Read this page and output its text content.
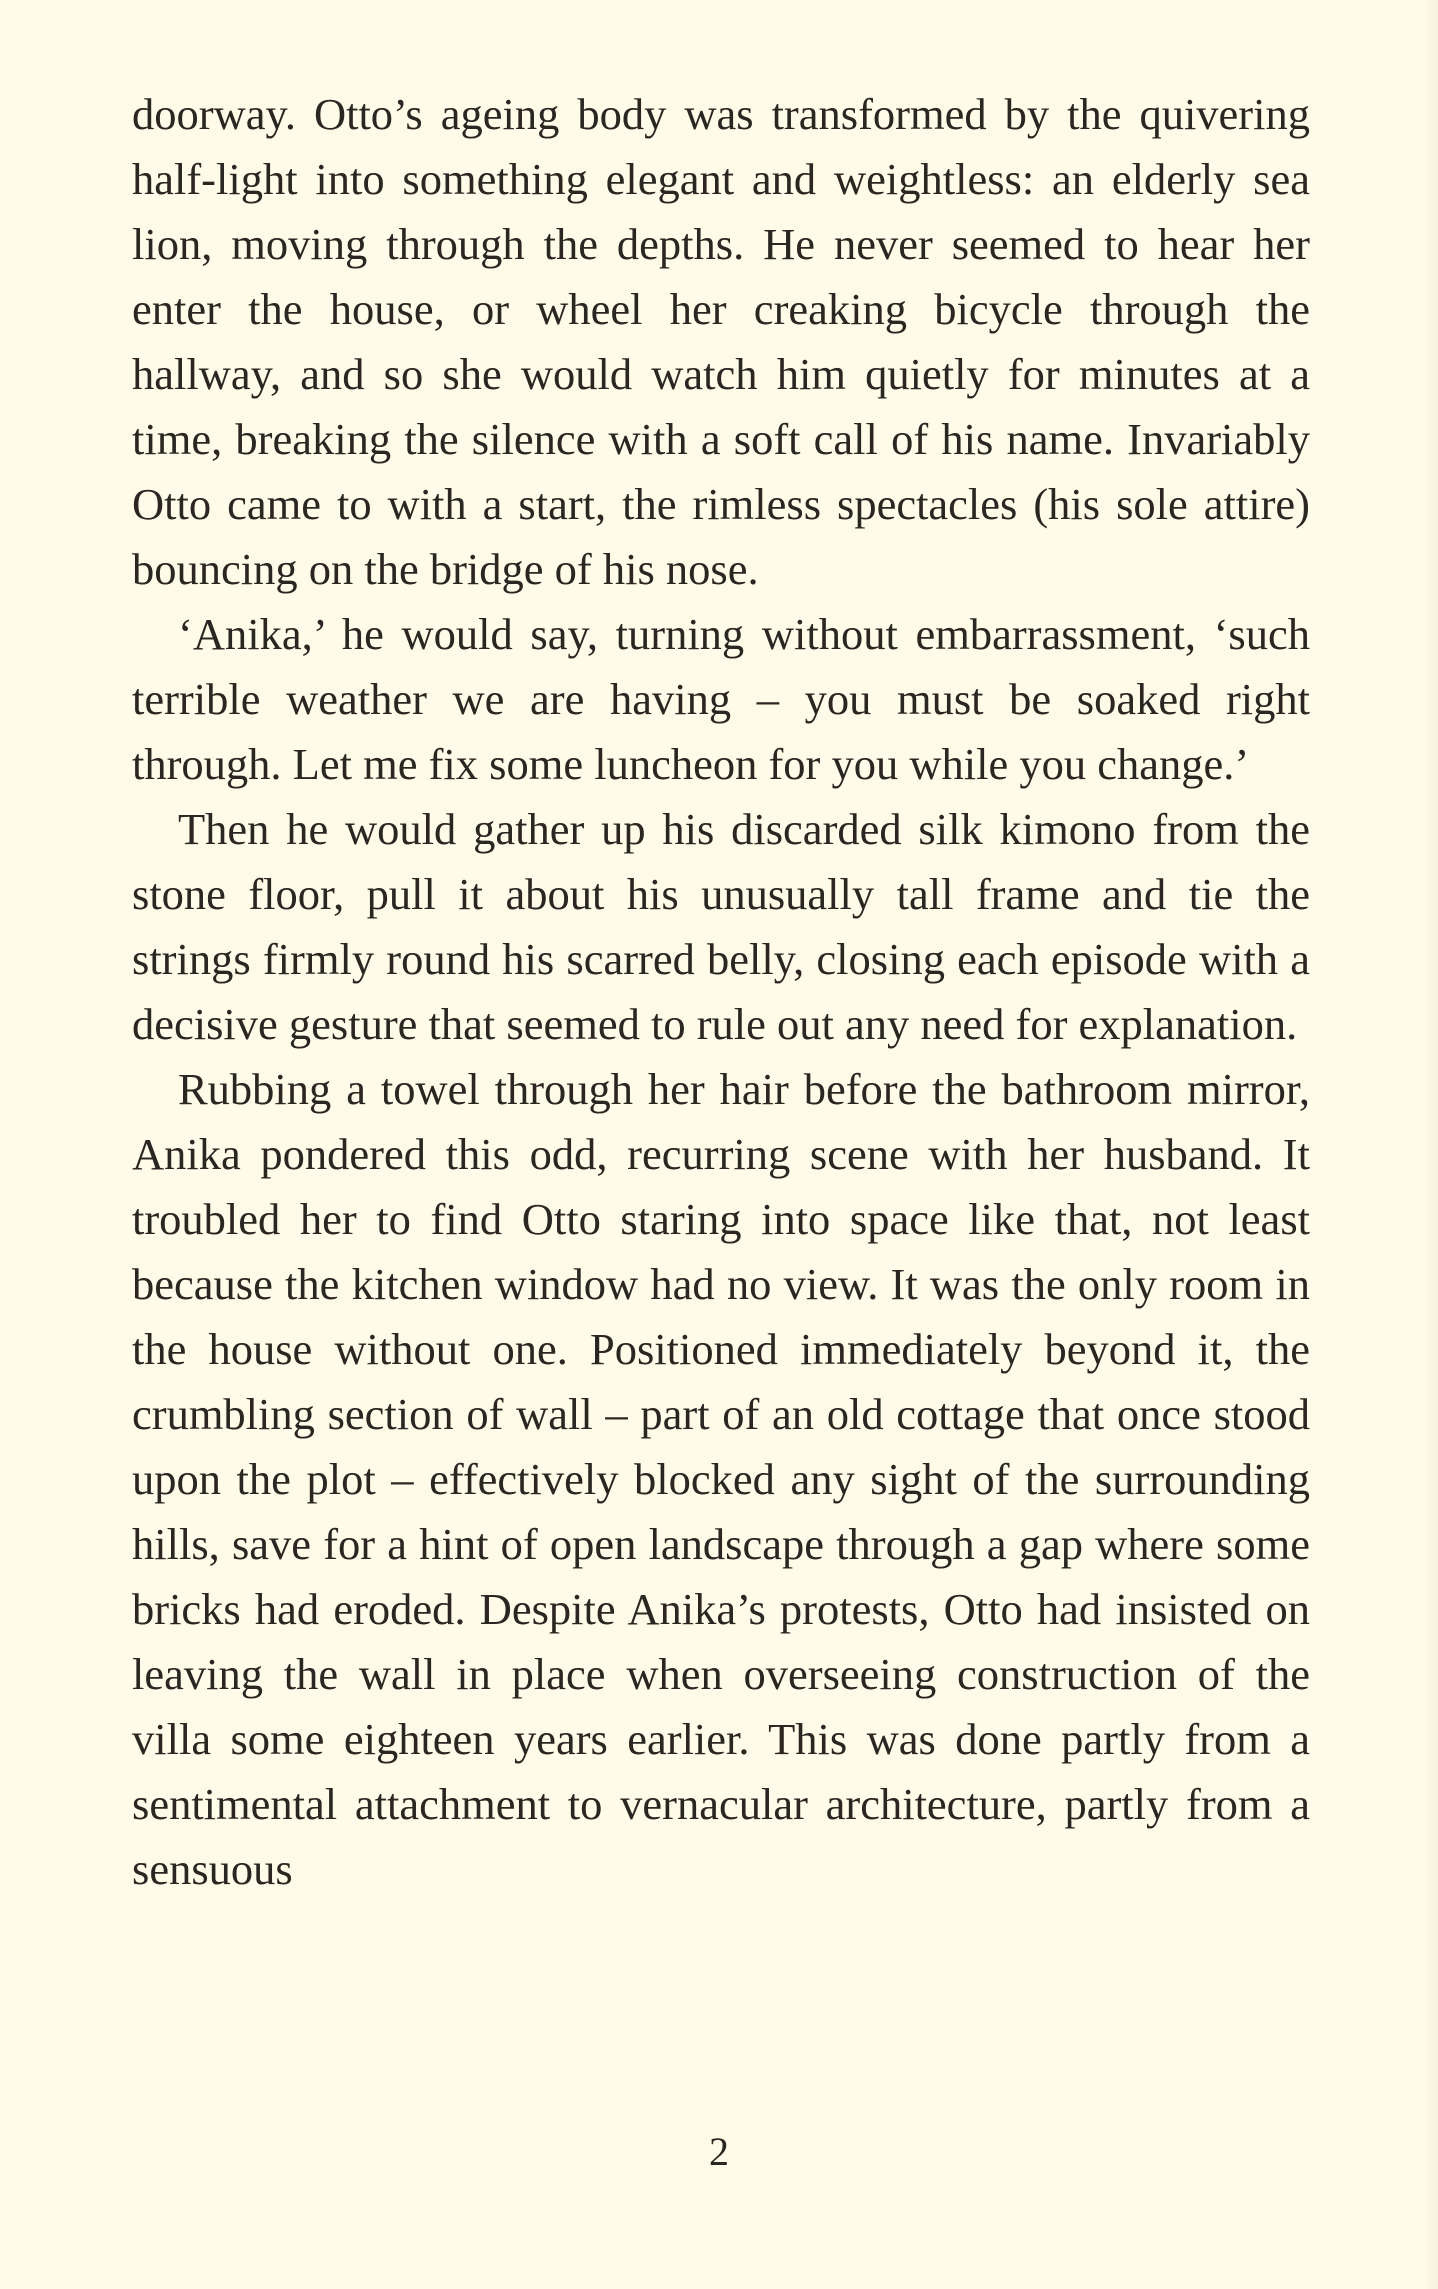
doorway. Otto’s ageing body was transformed by the quivering half-light into something elegant and weightless: an elderly sea lion, moving through the depths. He never seemed to hear her enter the house, or wheel her creaking bicycle through the hallway, and so she would watch him quietly for minutes at a time, breaking the silence with a soft call of his name. Invariably Otto came to with a start, the rimless spectacles (his sole attire) bouncing on the bridge of his nose.

‘Anika,’ he would say, turning without embarrassment, ‘such terrible weather we are having – you must be soaked right through. Let me fix some luncheon for you while you change.’

Then he would gather up his discarded silk kimono from the stone floor, pull it about his unusually tall frame and tie the strings firmly round his scarred belly, closing each episode with a decisive gesture that seemed to rule out any need for explanation.

Rubbing a towel through her hair before the bathroom mirror, Anika pondered this odd, recurring scene with her husband. It troubled her to find Otto staring into space like that, not least because the kitchen window had no view. It was the only room in the house without one. Positioned immediately beyond it, the crumbling section of wall – part of an old cottage that once stood upon the plot – effectively blocked any sight of the surrounding hills, save for a hint of open landscape through a gap where some bricks had eroded. Despite Anika’s protests, Otto had insisted on leaving the wall in place when overseeing construction of the villa some eighteen years earlier. This was done partly from a sentimental attachment to vernacular architecture, partly from a sensuous

2
